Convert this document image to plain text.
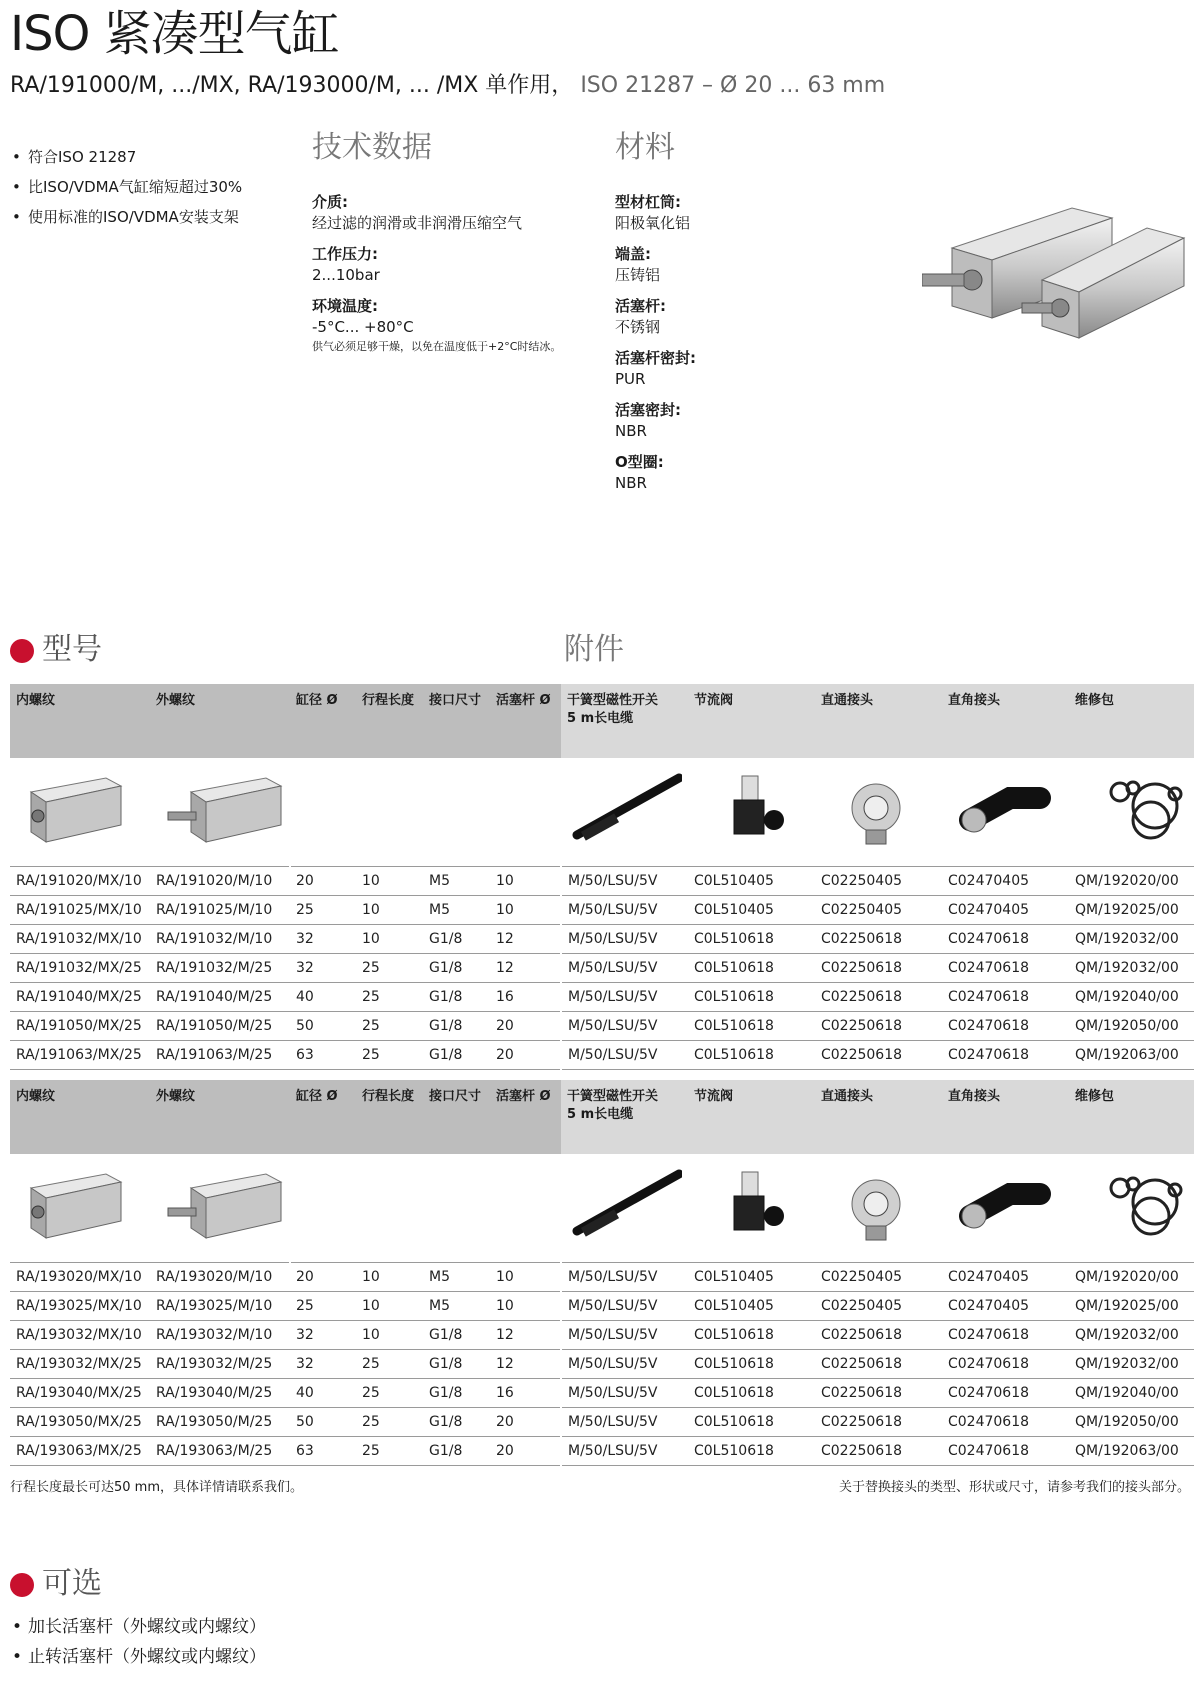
ISO 紧凑型气缸
RA/191000/M, .../MX, RA/193000/M, ... /MX 单作用， ISO 21287 – Ø 20 ... 63 mm
• 符合ISO 21287
• 比ISO/VDMA气缸缩短超过30%
• 使用标准的ISO/VDMA安装支架
技术数据
介质:
经过滤的润滑或非润滑压缩空气
工作压力:
2...10bar
环境温度:
-5°C... +80°C
供气必须足够干燥，以免在温度低于+2°C时结冰。
材料
型材杠筒:
阳极氧化铝
端盖:
压铸铝
活塞杆:
不锈钢
活塞杆密封:
PUR
活塞密封:
NBR
O型圈:
NBR
型号	附件
内螺纹	外螺纹	缸径 Ø	行程长度	接口尺寸	活塞杆 Ø	干簧型磁性开关
5 m长电缆	节流阀	直通接头	直角接头	维修包

RA/191020/MX/10	RA/191020/M/10	20	10	M5	10	M/50/LSU/5V	C0L510405	C02250405	C02470405	QM/192020/00
RA/191025/MX/10	RA/191025/M/10	25	10	M5	10	M/50/LSU/5V	C0L510405	C02250405	C02470405	QM/192025/00
RA/191032/MX/10	RA/191032/M/10	32	10	G1/8	12	M/50/LSU/5V	C0L510618	C02250618	C02470618	QM/192032/00
RA/191032/MX/25	RA/191032/M/25	32	25	G1/8	12	M/50/LSU/5V	C0L510618	C02250618	C02470618	QM/192032/00
RA/191040/MX/25	RA/191040/M/25	40	25	G1/8	16	M/50/LSU/5V	C0L510618	C02250618	C02470618	QM/192040/00
RA/191050/MX/25	RA/191050/M/25	50	25	G1/8	20	M/50/LSU/5V	C0L510618	C02250618	C02470618	QM/192050/00
RA/191063/MX/25	RA/191063/M/25	63	25	G1/8	20	M/50/LSU/5V	C0L510618	C02250618	C02470618	QM/192063/00
内螺纹	外螺纹	缸径 Ø	行程长度	接口尺寸	活塞杆 Ø	干簧型磁性开关
5 m长电缆	节流阀	直通接头	直角接头	维修包

RA/193020/MX/10	RA/193020/M/10	20	10	M5	10	M/50/LSU/5V	C0L510405	C02250405	C02470405	QM/192020/00
RA/193025/MX/10	RA/193025/M/10	25	10	M5	10	M/50/LSU/5V	C0L510405	C02250405	C02470405	QM/192025/00
RA/193032/MX/10	RA/193032/M/10	32	10	G1/8	12	M/50/LSU/5V	C0L510618	C02250618	C02470618	QM/192032/00
RA/193032/MX/25	RA/193032/M/25	32	25	G1/8	12	M/50/LSU/5V	C0L510618	C02250618	C02470618	QM/192032/00
RA/193040/MX/25	RA/193040/M/25	40	25	G1/8	16	M/50/LSU/5V	C0L510618	C02250618	C02470618	QM/192040/00
RA/193050/MX/25	RA/193050/M/25	50	25	G1/8	20	M/50/LSU/5V	C0L510618	C02250618	C02470618	QM/192050/00
RA/193063/MX/25	RA/193063/M/25	63	25	G1/8	20	M/50/LSU/5V	C0L510618	C02250618	C02470618	QM/192063/00
行程长度最长可达50 mm，具体详情请联系我们。	关于替换接头的类型、形状或尺寸，请参考我们的接头部分。
可选
• 加长活塞杆（外螺纹或内螺纹）
• 止转活塞杆（外螺纹或内螺纹）
